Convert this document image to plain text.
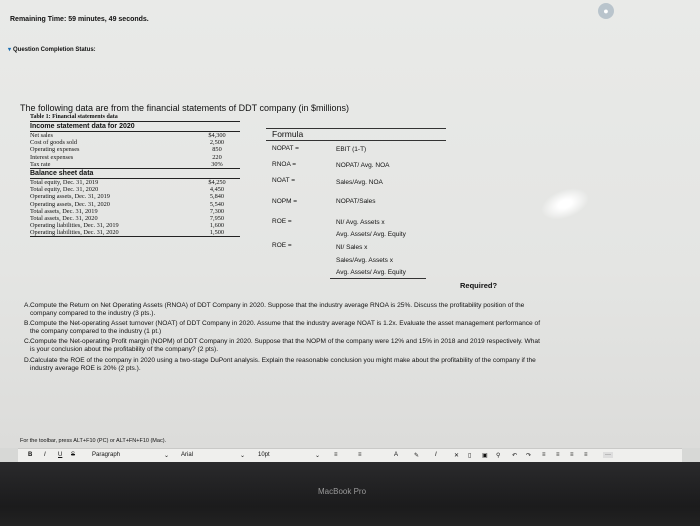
Remaining Time: 59 minutes, 49 seconds.
●
▾ Question Completion Status:
The following data are from the financial statements of DDT company (in $millions)
Table 1: Financial statements data
Income statement data for 2020
Net sales	$4,300
Cost of goods sold	2,500
Operating expenses	850
Interest expenses	220
Tax rate	30%
Balance sheet data
Total equity, Dec. 31, 2019	$4,250
Total equity, Dec. 31, 2020	4,450
Operating assets, Dec. 31, 2019	5,840
Operating assets, Dec. 31, 2020	5,540
Total assets, Dec. 31, 2019	7,300
Total assets, Dec. 31, 2020	7,950
Operating liabilities, Dec. 31, 2019	1,600
Operating liabilities, Dec. 31, 2020	1,500
Formula
NOPAT =	EBIT (1-T)
RNOA =	NOPAT/ Avg. NOA
NOAT =	Sales/Avg. NOA
NOPM =	NOPAT/Sales
ROE =	NI/ Avg. Assets x
Avg. Assets/ Avg. Equity
ROE =	NI/ Sales x
Sales/Avg. Assets x
Avg. Assets/ Avg. Equity
Required?
A. Compute the Return on Net Operating Assets (RNOA) of DDT Company in 2020. Suppose that the industry average RNOA is 25%. Discuss the profitability position of the
company compared to the industry (3 pts.).
B. Compute the Net-operating Asset turnover (NOAT) of DDT Company in 2020. Assume that the industry average NOAT is 1.2x. Evaluate the asset management performance of
the company compared to the industry (1 pt.)
C. Compute the Net-operating Profit margin (NOPM) of DDT Company in 2020. Suppose that the NOPM of the company were 12% and 15% in 2018 and 2019 respectively. What
is your conclusion about the profitability of the company? (2 pts).
D. Calculate the ROE of the company in 2020 using a two-stage DuPont analysis. Explain the reasonable conclusion you might make about the profitability of the company if the
industry average ROE is 20% (2 pts.).
For the toolbar, press ALT+F10 (PC) or ALT+FN+F10 (Mac).
B I U S	Paragraph	⌄ Arial	⌄ 10pt	⌄ ≡	≡	A	✎	I	✕ ▯ ▣ ⚲ ↶ ↷ ≡ ≡ ≡ ≡	···
MacBook Pro
